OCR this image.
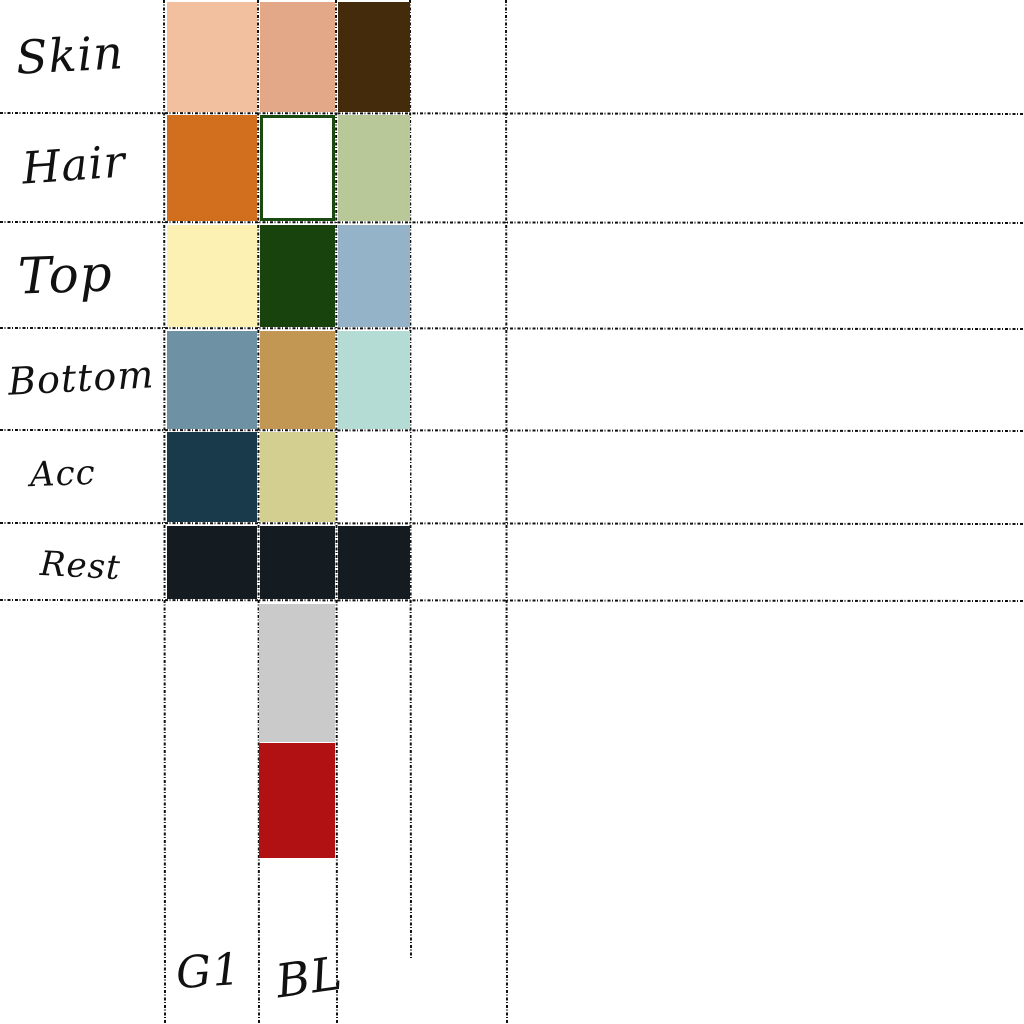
Skin
Hair
Top
Bottom
Acc
Rest
G1 BL
